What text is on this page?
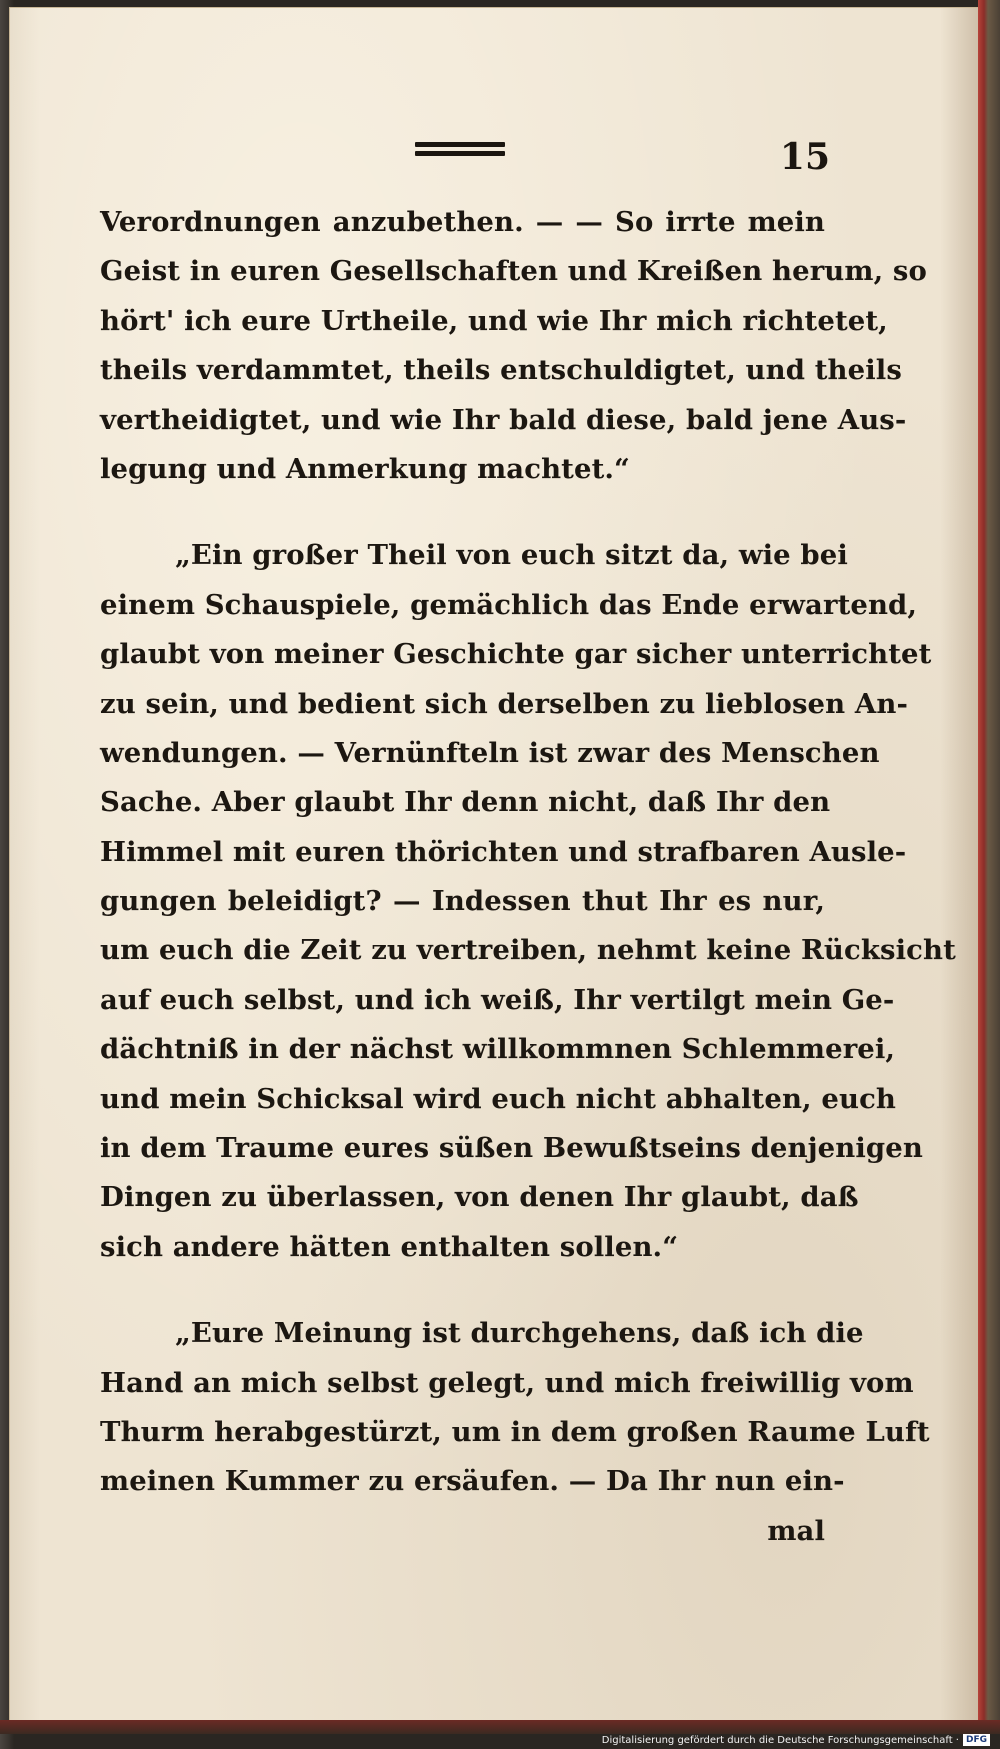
15
Verordnungen anzubethen. — — So irrte mein
Geist in euren Gesellschaften und Kreißen herum, so
hört' ich eure Urtheile, und wie Ihr mich richtetet,
theils verdammtet, theils entschuldigtet, und theils
vertheidigtet, und wie Ihr bald diese, bald jene Aus-
legung und Anmerkung machtet.“
„Ein großer Theil von euch sitzt da, wie bei
einem Schauspiele, gemächlich das Ende erwartend,
glaubt von meiner Geschichte gar sicher unterrichtet
zu sein, und bedient sich derselben zu lieblosen An-
wendungen. — Vernünfteln ist zwar des Menschen
Sache. Aber glaubt Ihr denn nicht, daß Ihr den
Himmel mit euren thörichten und strafbaren Ausle-
gungen beleidigt? — Indessen thut Ihr es nur,
um euch die Zeit zu vertreiben, nehmt keine Rücksicht
auf euch selbst, und ich weiß, Ihr vertilgt mein Ge-
dächtniß in der nächst willkommnen Schlemmerei,
und mein Schicksal wird euch nicht abhalten, euch
in dem Traume eures süßen Bewußtseins denjenigen
Dingen zu überlassen, von denen Ihr glaubt, daß
sich andere hätten enthalten sollen.“
„Eure Meinung ist durchgehens, daß ich die
Hand an mich selbst gelegt, und mich freiwillig vom
Thurm herabgestürzt, um in dem großen Raume Luft
meinen Kummer zu ersäufen. — Da Ihr nun ein-
mal
Digitalisierung gefördert durch die Deutsche Forschungsgemeinschaft · DFG
